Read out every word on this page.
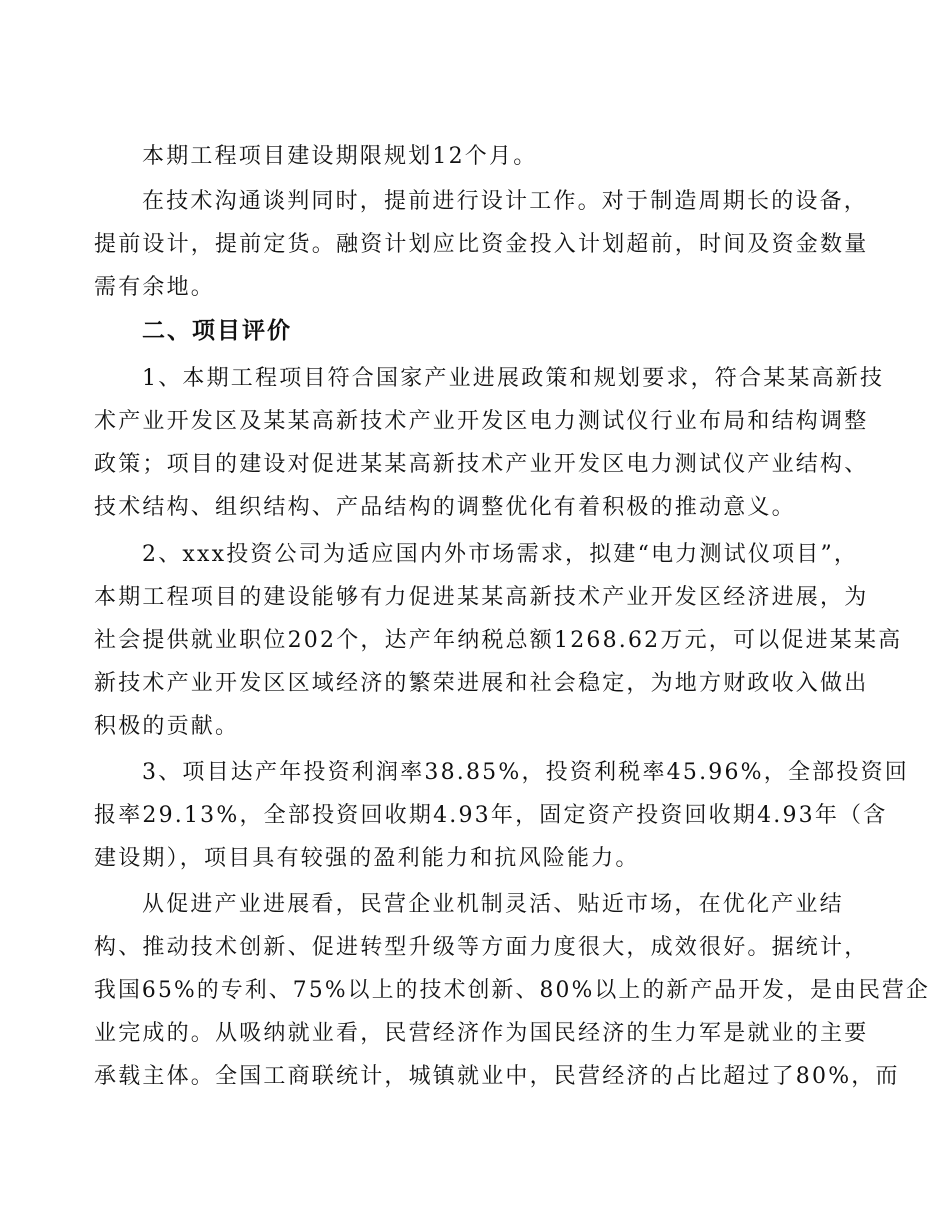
本期工程项目建设期限规划12个月。
在技术沟通谈判同时，提前进行设计工作。对于制造周期长的设备，
提前设计，提前定货。融资计划应比资金投入计划超前，时间及资金数量
需有余地。
二、项目评价
1、本期工程项目符合国家产业进展政策和规划要求，符合某某高新技
术产业开发区及某某高新技术产业开发区电力测试仪行业布局和结构调整
政策；项目的建设对促进某某高新技术产业开发区电力测试仪产业结构、
技术结构、组织结构、产品结构的调整优化有着积极的推动意义。
2、xxx投资公司为适应国内外市场需求，拟建“电力测试仪项目”，
本期工程项目的建设能够有力促进某某高新技术产业开发区经济进展，为
社会提供就业职位202个，达产年纳税总额1268.62万元，可以促进某某高
新技术产业开发区区域经济的繁荣进展和社会稳定，为地方财政收入做出
积极的贡献。
3、项目达产年投资利润率38.85%，投资利税率45.96%，全部投资回
报率29.13%，全部投资回收期4.93年，固定资产投资回收期4.93年（含
建设期），项目具有较强的盈利能力和抗风险能力。
从促进产业进展看，民营企业机制灵活、贴近市场，在优化产业结
构、推动技术创新、促进转型升级等方面力度很大，成效很好。据统计，
我国65%的专利、75%以上的技术创新、80%以上的新产品开发，是由民营企
业完成的。从吸纳就业看，民营经济作为国民经济的生力军是就业的主要
承载主体。全国工商联统计，城镇就业中，民营经济的占比超过了80%，而
